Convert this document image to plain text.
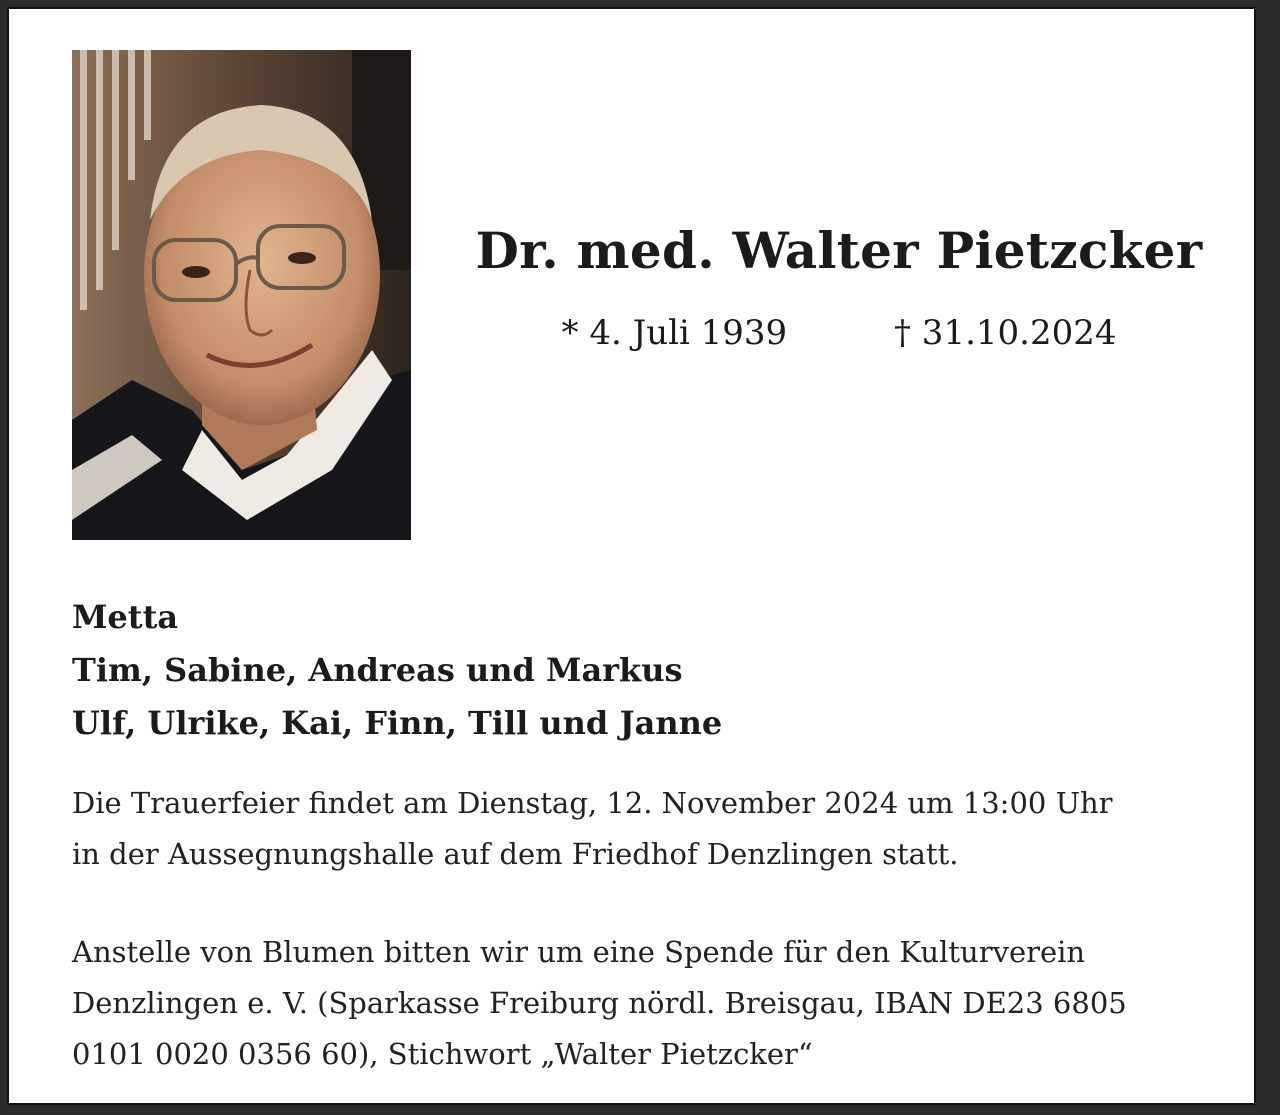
Dr. med. Walter Pietzcker
* 4. Juli 1939	† 31.10.2024
Metta
Tim, Sabine, Andreas und Markus
Ulf, Ulrike, Kai, Finn, Till und Janne
Die Trauerfeier findet am Dienstag, 12. November 2024 um 13:00 Uhr
in der Aussegnungshalle auf dem Friedhof Denzlingen statt.
Anstelle von Blumen bitten wir um eine Spende für den Kulturverein
Denzlingen e. V. (Sparkasse Freiburg nördl. Breisgau, IBAN DE23 6805
0101 0020 0356 60), Stichwort „Walter Pietzcker“
